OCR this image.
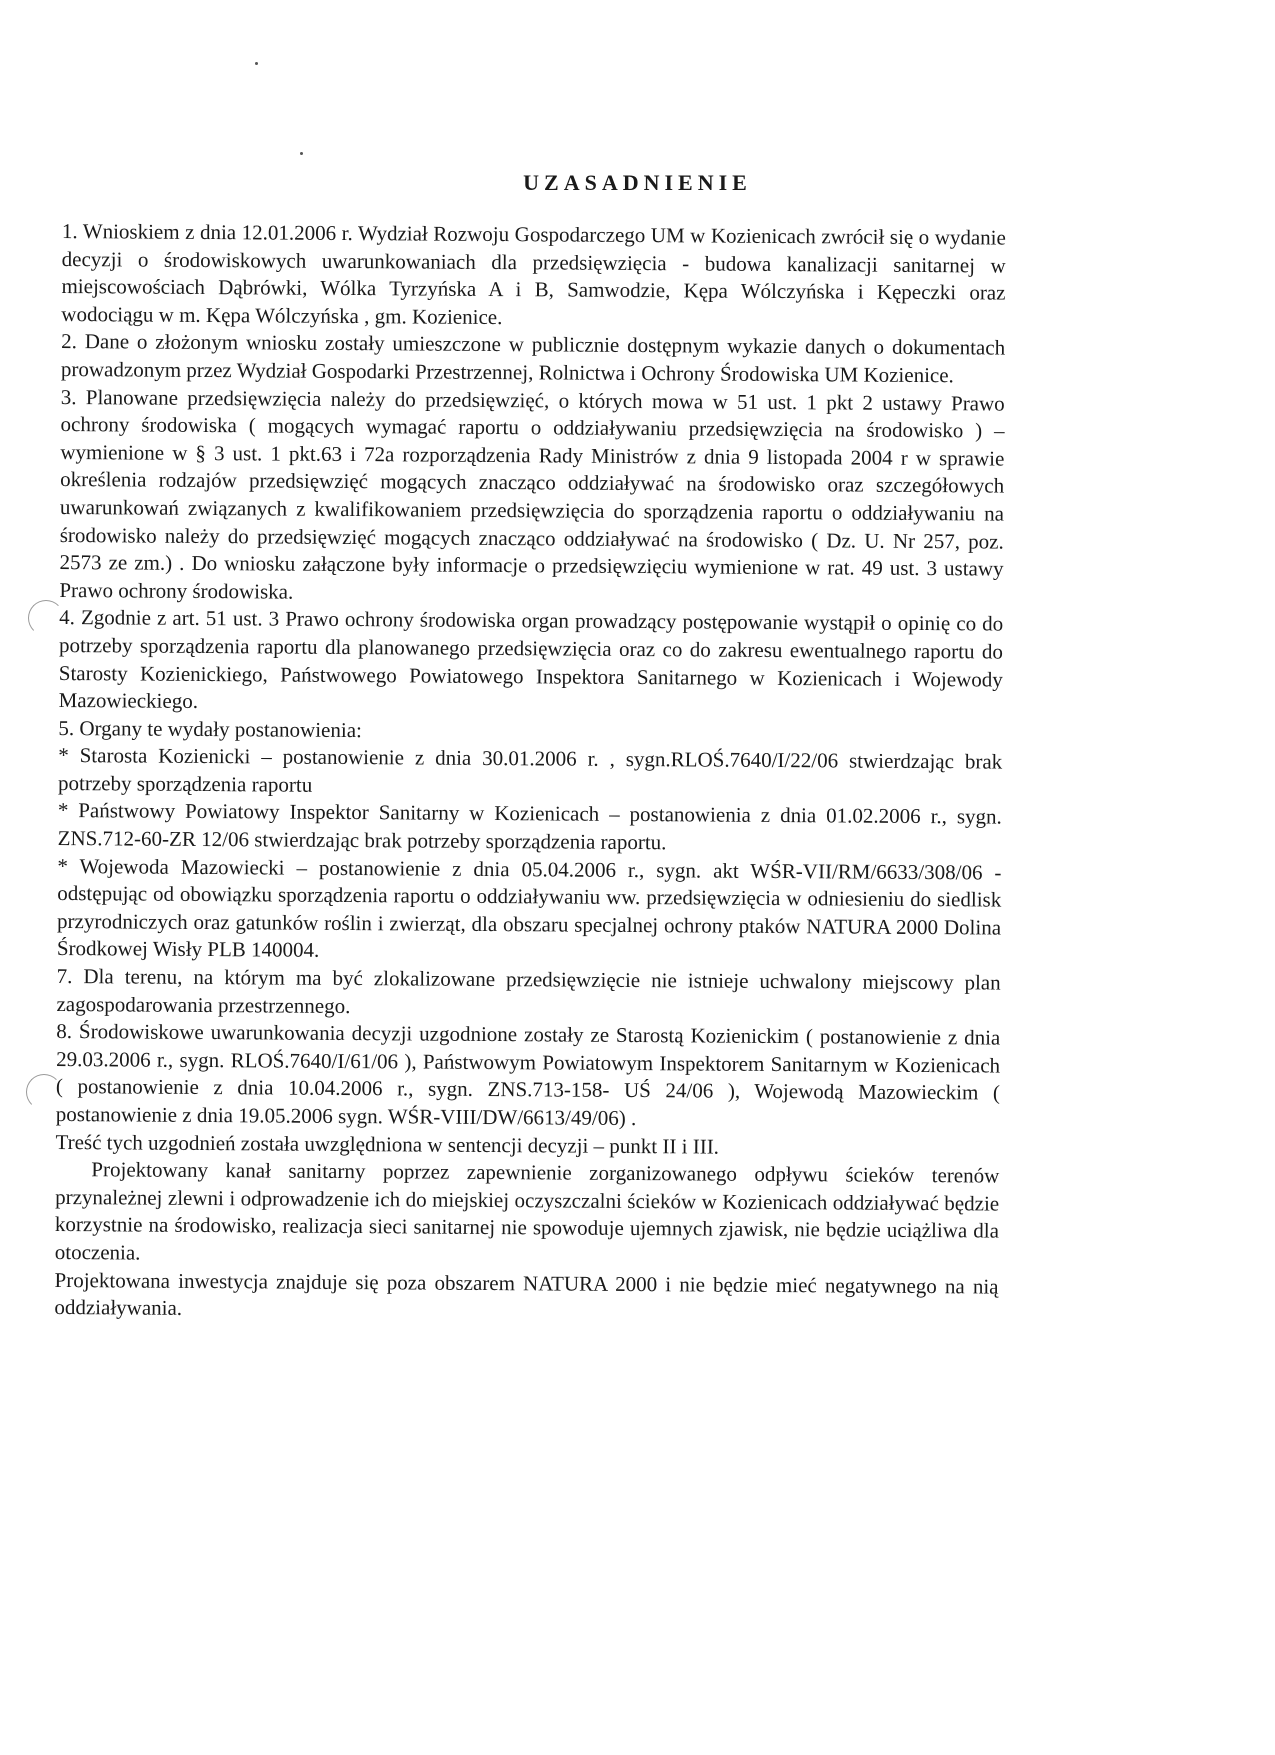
UZASADNIENIE

1. Wnioskiem z dnia 12.01.2006 r. Wydział Rozwoju Gospodarczego UM w Kozienicach zwrócił się o wydanie decyzji o środowiskowych uwarunkowaniach dla przedsięwzięcia - budowa kanalizacji sanitarnej w miejscowościach Dąbrówki, Wólka Tyrzyńska A i B, Samwodzie, Kępa Wólczyńska i Kępeczki oraz wodociągu w m. Kępa Wólczyńska , gm. Kozienice.

2. Dane o złożonym wniosku zostały umieszczone w publicznie dostępnym wykazie danych o dokumentach prowadzonym przez Wydział Gospodarki Przestrzennej, Rolnictwa i Ochrony Środowiska UM Kozienice.

3. Planowane przedsięwzięcia należy do przedsięwzięć, o których mowa w 51 ust. 1 pkt 2 ustawy Prawo ochrony środowiska ( mogących wymagać raportu o oddziaływaniu przedsięwzięcia na środowisko ) – wymienione w § 3 ust. 1 pkt.63 i 72a rozporządzenia Rady Ministrów z dnia 9 listopada 2004 r w sprawie określenia rodzajów przedsięwzięć mogących znacząco oddziaływać na środowisko oraz szczegółowych uwarunkowań związanych z kwalifikowaniem przedsięwzięcia do sporządzenia raportu o oddziaływaniu na środowisko należy do przedsięwzięć mogących znacząco oddziaływać na środowisko ( Dz. U. Nr 257, poz. 2573 ze zm.) . Do wniosku załączone były informacje o przedsięwzięciu wymienione w rat. 49 ust. 3 ustawy Prawo ochrony środowiska.

4. Zgodnie z art. 51 ust. 3 Prawo ochrony środowiska organ prowadzący postępowanie wystąpił o opinię co do potrzeby sporządzenia raportu dla planowanego przedsięwzięcia oraz co do zakresu ewentualnego raportu do Starosty Kozienickiego, Państwowego Powiatowego Inspektora Sanitarnego w Kozienicach i Wojewody Mazowieckiego.

5. Organy te wydały postanowienia:

* Starosta Kozienicki – postanowienie z dnia 30.01.2006 r. , sygn.RLOŚ.7640/I/22/06 stwierdzając brak potrzeby sporządzenia raportu

* Państwowy Powiatowy Inspektor Sanitarny w Kozienicach – postanowienia z dnia 01.02.2006 r., sygn. ZNS.712-60-ZR 12/06 stwierdzając brak potrzeby sporządzenia raportu.

* Wojewoda Mazowiecki – postanowienie z dnia 05.04.2006 r., sygn. akt WŚR-VII/RM/6633/308/06 - odstępując od obowiązku sporządzenia raportu o oddziaływaniu ww. przedsięwzięcia w odniesieniu do siedlisk przyrodniczych oraz gatunków roślin i zwierząt, dla obszaru specjalnej ochrony ptaków NATURA 2000 Dolina Środkowej Wisły PLB 140004.

7. Dla terenu, na którym ma być zlokalizowane przedsięwzięcie nie istnieje uchwalony miejscowy plan zagospodarowania przestrzennego.

8. Środowiskowe uwarunkowania decyzji uzgodnione zostały ze Starostą Kozienickim ( postanowienie z dnia 29.03.2006 r., sygn. RLOŚ.7640/I/61/06 ), Państwowym Powiatowym Inspektorem Sanitarnym w Kozienicach ( postanowienie z dnia 10.04.2006 r., sygn. ZNS.713-158- UŚ 24/06 ), Wojewodą Mazowieckim ( postanowienie z dnia 19.05.2006 sygn. WŚR-VIII/DW/6613/49/06) .

Treść tych uzgodnień została uwzględniona w sentencji decyzji – punkt II i III.

Projektowany kanał sanitarny poprzez zapewnienie zorganizowanego odpływu ścieków terenów przynależnej zlewni i odprowadzenie ich do miejskiej oczyszczalni ścieków w Kozienicach oddziaływać będzie korzystnie na środowisko, realizacja sieci sanitarnej nie spowoduje ujemnych zjawisk, nie będzie uciążliwa dla otoczenia.

Projektowana inwestycja znajduje się poza obszarem NATURA 2000 i nie będzie mieć negatywnego na nią oddziaływania.
